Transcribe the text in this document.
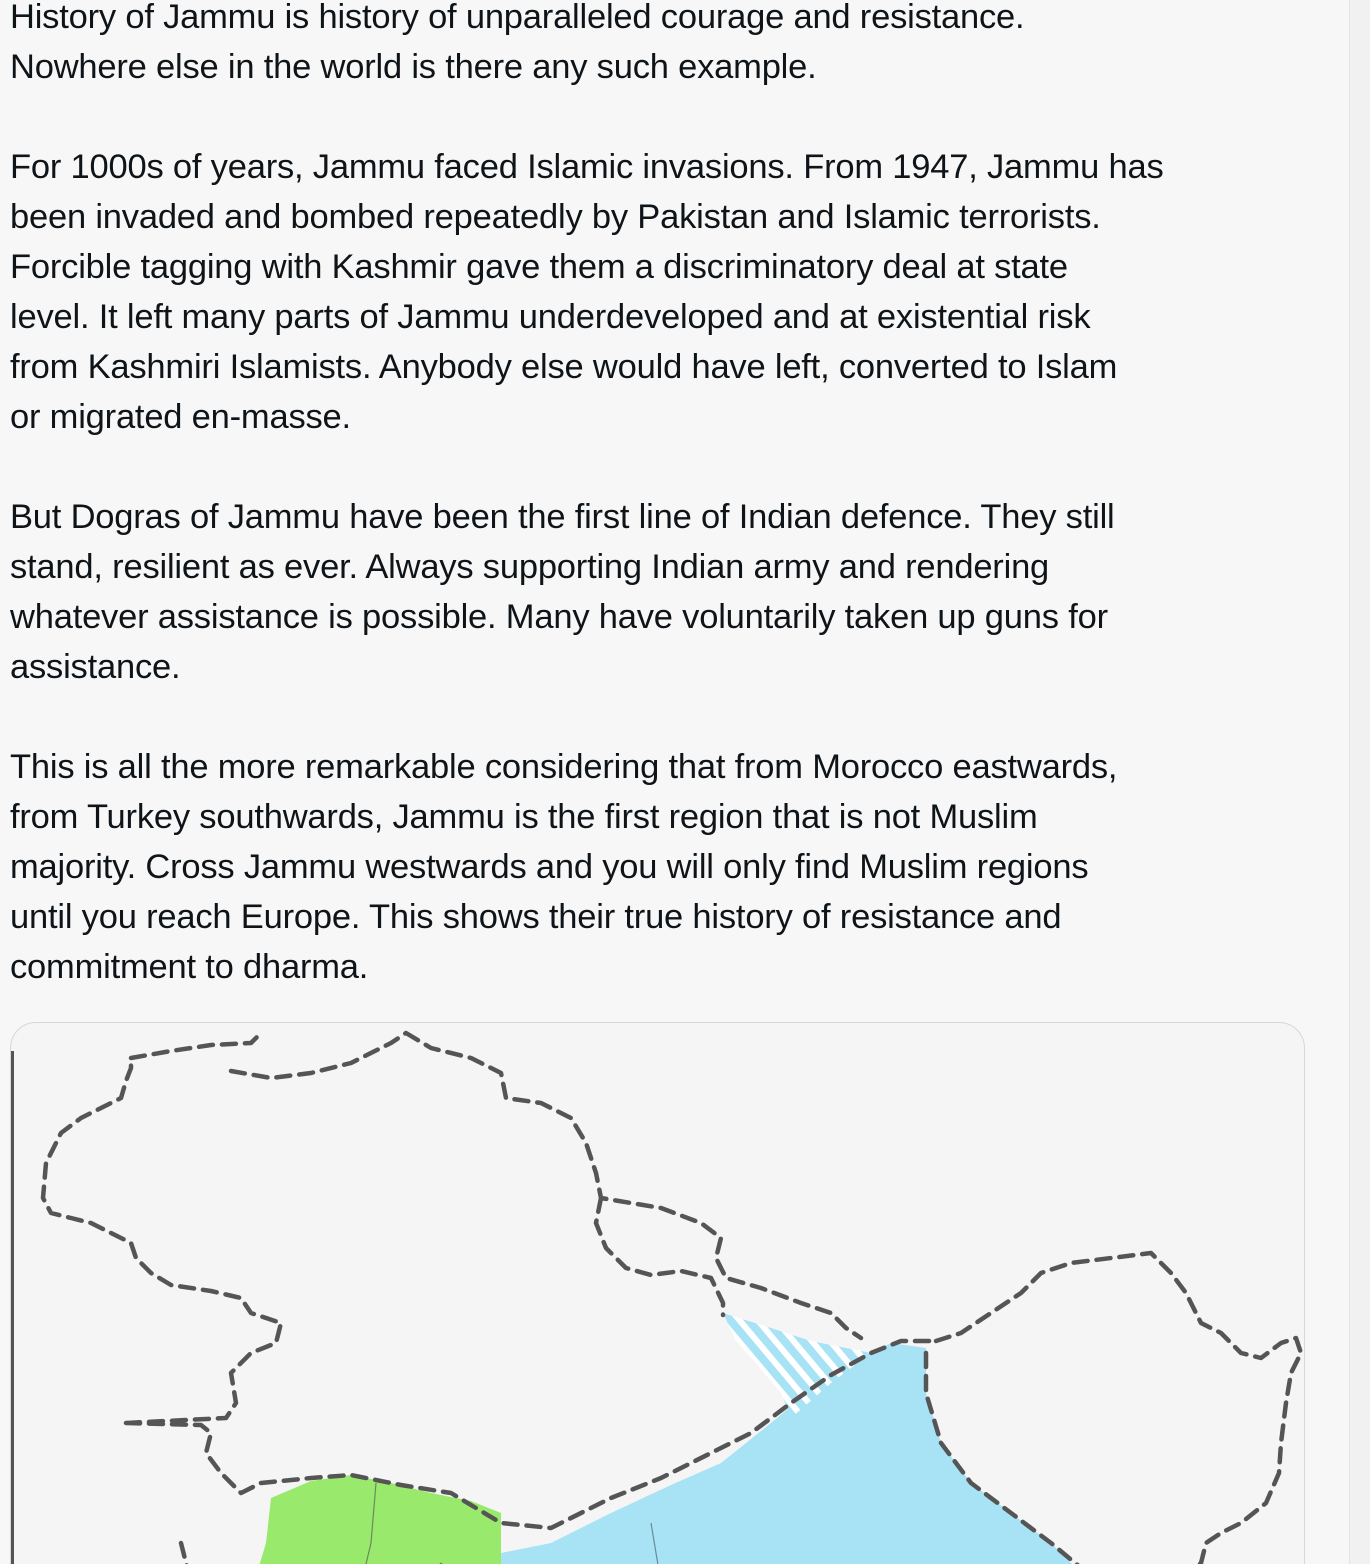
History of Jammu is history of unparalleled courage and resistance.
Nowhere else in the world is there any such example.

For 1000s of years, Jammu faced Islamic invasions. From 1947, Jammu has
been invaded and bombed repeatedly by Pakistan and Islamic terrorists.
Forcible tagging with Kashmir gave them a discriminatory deal at state
level. It left many parts of Jammu underdeveloped and at existential risk
from Kashmiri Islamists. Anybody else would have left, converted to Islam
or migrated en-masse.

But Dogras of Jammu have been the first line of Indian defence. They still
stand, resilient as ever. Always supporting Indian army and rendering
whatever assistance is possible. Many have voluntarily taken up guns for
assistance.

This is all the more remarkable considering that from Morocco eastwards,
from Turkey southwards, Jammu is the first region that is not Muslim
majority. Cross Jammu westwards and you will only find Muslim regions
until you reach Europe. This shows their true history of resistance and
commitment to dharma.
